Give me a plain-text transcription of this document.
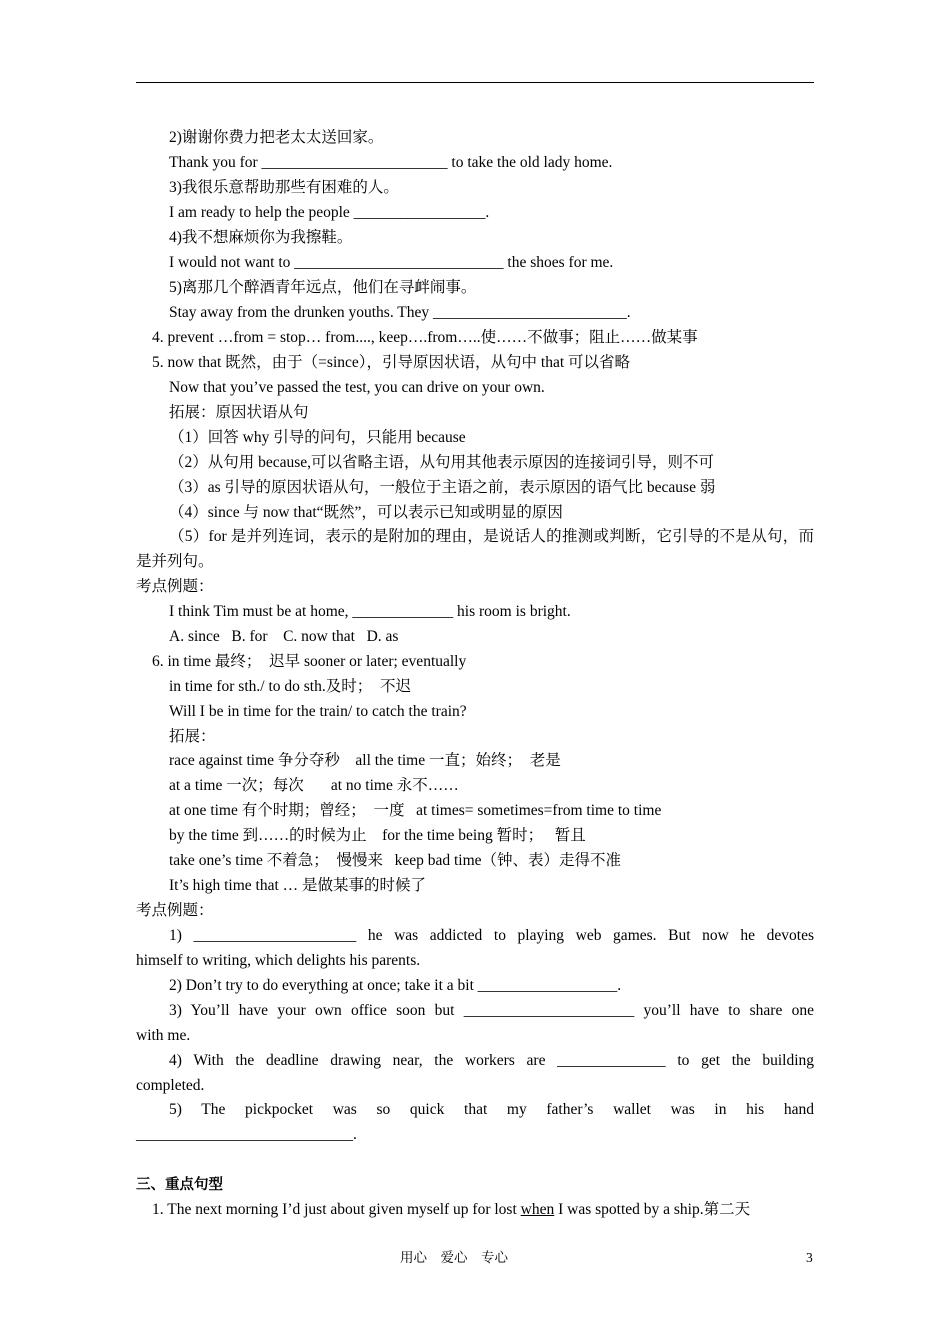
2)谢谢你费力把老太太送回家。
Thank you for ________________________ to take the old lady home.
3)我很乐意帮助那些有困难的人。
I am ready to help the people _________________.
4)我不想麻烦你为我擦鞋。
I would not want to ___________________________ the shoes for me.
5)离那几个醉酒青年远点，他们在寻衅闹事。
Stay away from the drunken youths. They _________________________.
4. prevent …from = stop… from...., keep….from…..使……不做事；阻止……做某事
5. now that 既然，由于（=since），引导原因状语，从句中 that 可以省略
Now that you’ve passed the test, you can drive on your own.
拓展：原因状语从句
（1）回答 why 引导的问句，只能用 because
（2）从句用 because,可以省略主语，从句用其他表示原因的连接词引导，则不可
（3）as 引导的原因状语从句，一般位于主语之前，表示原因的语气比 because 弱
（4）since 与 now that“既然”，可以表示已知或明显的原因
（5）for 是并列连词，表示的是附加的理由，是说话人的推测或判断，它引导的不是从句，而
是并列句。
考点例题：
I think Tim must be at home, _____________ his room is bright.
A. since   B. for    C. now that   D. as
6. in time 最终；  迟早 sooner or later; eventually
in time for sth./ to do sth.及时；  不迟
Will I be in time for the train/ to catch the train?
拓展：
race against time 争分夺秒    all the time 一直；始终；  老是
at a time 一次；每次       at no time 永不……
at one time 有个时期；曾经；  一度   at times= sometimes=from time to time
by the time 到……的时候为止    for the time being 暂时；   暂且
take one’s time 不着急；  慢慢来   keep bad time（钟、表）走得不准
It’s high time that … 是做某事的时候了
考点例题：
1) _____________________ he was addicted to playing web games. But now he devotes
himself to writing, which delights his parents.
2) Don’t try to do everything at once; take it a bit __________________.
3) You’ll have your own office soon but ______________________ you’ll have to share one
with me.
4) With the deadline drawing near, the workers are ______________ to get the building
completed.
5) The pickpocket was so quick that my father’s wallet was in his hand
____________________________.
三、重点句型
1. The next morning I’d just about given myself up for lost when I was spotted by a ship.第二天
用心    爱心    专心	3
